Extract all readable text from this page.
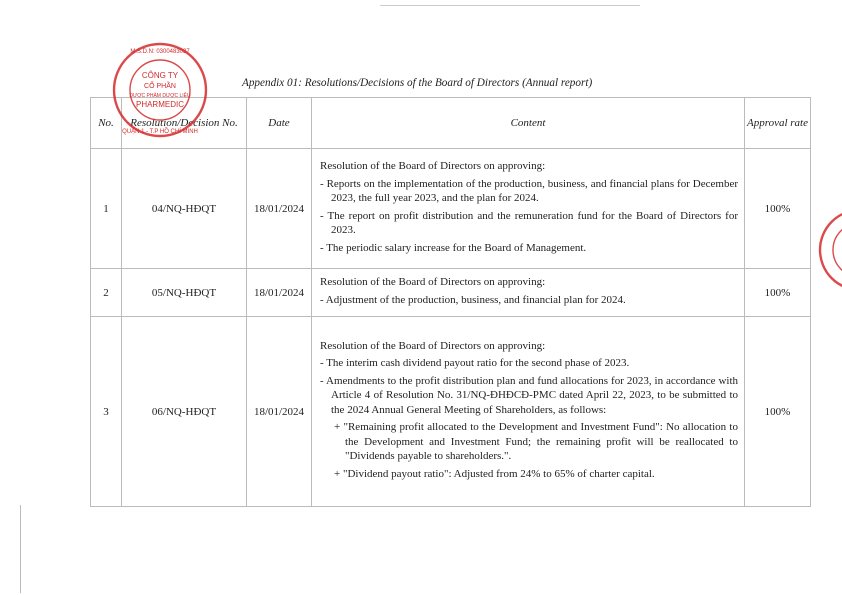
Appendix 01: Resolutions/Decisions of the Board of Directors (Annual report)
No.	Resolution/Decision No.	Date	Content	Approval rate
1	04/NQ-HĐQT	18/01/2024	Resolution of the Board of Directors on approving:

- Reports on the implementation of the production, business, and financial plans for December 2023, the full year 2023, and the plan for 2024.

- The report on profit distribution and the remuneration fund for the Board of Directors for 2023.

- The periodic salary increase for the Board of Management.	100%
2	05/NQ-HĐQT	18/01/2024	Resolution of the Board of Directors on approving:

- Adjustment of the production, business, and financial plan for 2024.	100%
3	06/NQ-HĐQT	18/01/2024	Resolution of the Board of Directors on approving:

- The interim cash dividend payout ratio for the second phase of 2023.

- Amendments to the profit distribution plan and fund allocations for 2023, in accordance with Article 4 of Resolution No. 31/NQ-ĐHĐCĐ-PMC dated April 22, 2023, to be submitted to the 2024 Annual General Meeting of Shareholders, as follows:

+ "Remaining profit allocated to the Development and Investment Fund": No allocation to the Development and Investment Fund; the remaining profit will be reallocated to "Dividends payable to shareholders.".

+ "Dividend payout ratio": Adjusted from 24% to 65% of charter capital.	100%
CÔNG TY
CỔ PHẦN
DƯỢC PHẨM DƯỢC LIỆU
PHARMEDIC
M.S.D.N: 0300483037
QUẬN 1 - T.P HỒ CHÍ MINH
